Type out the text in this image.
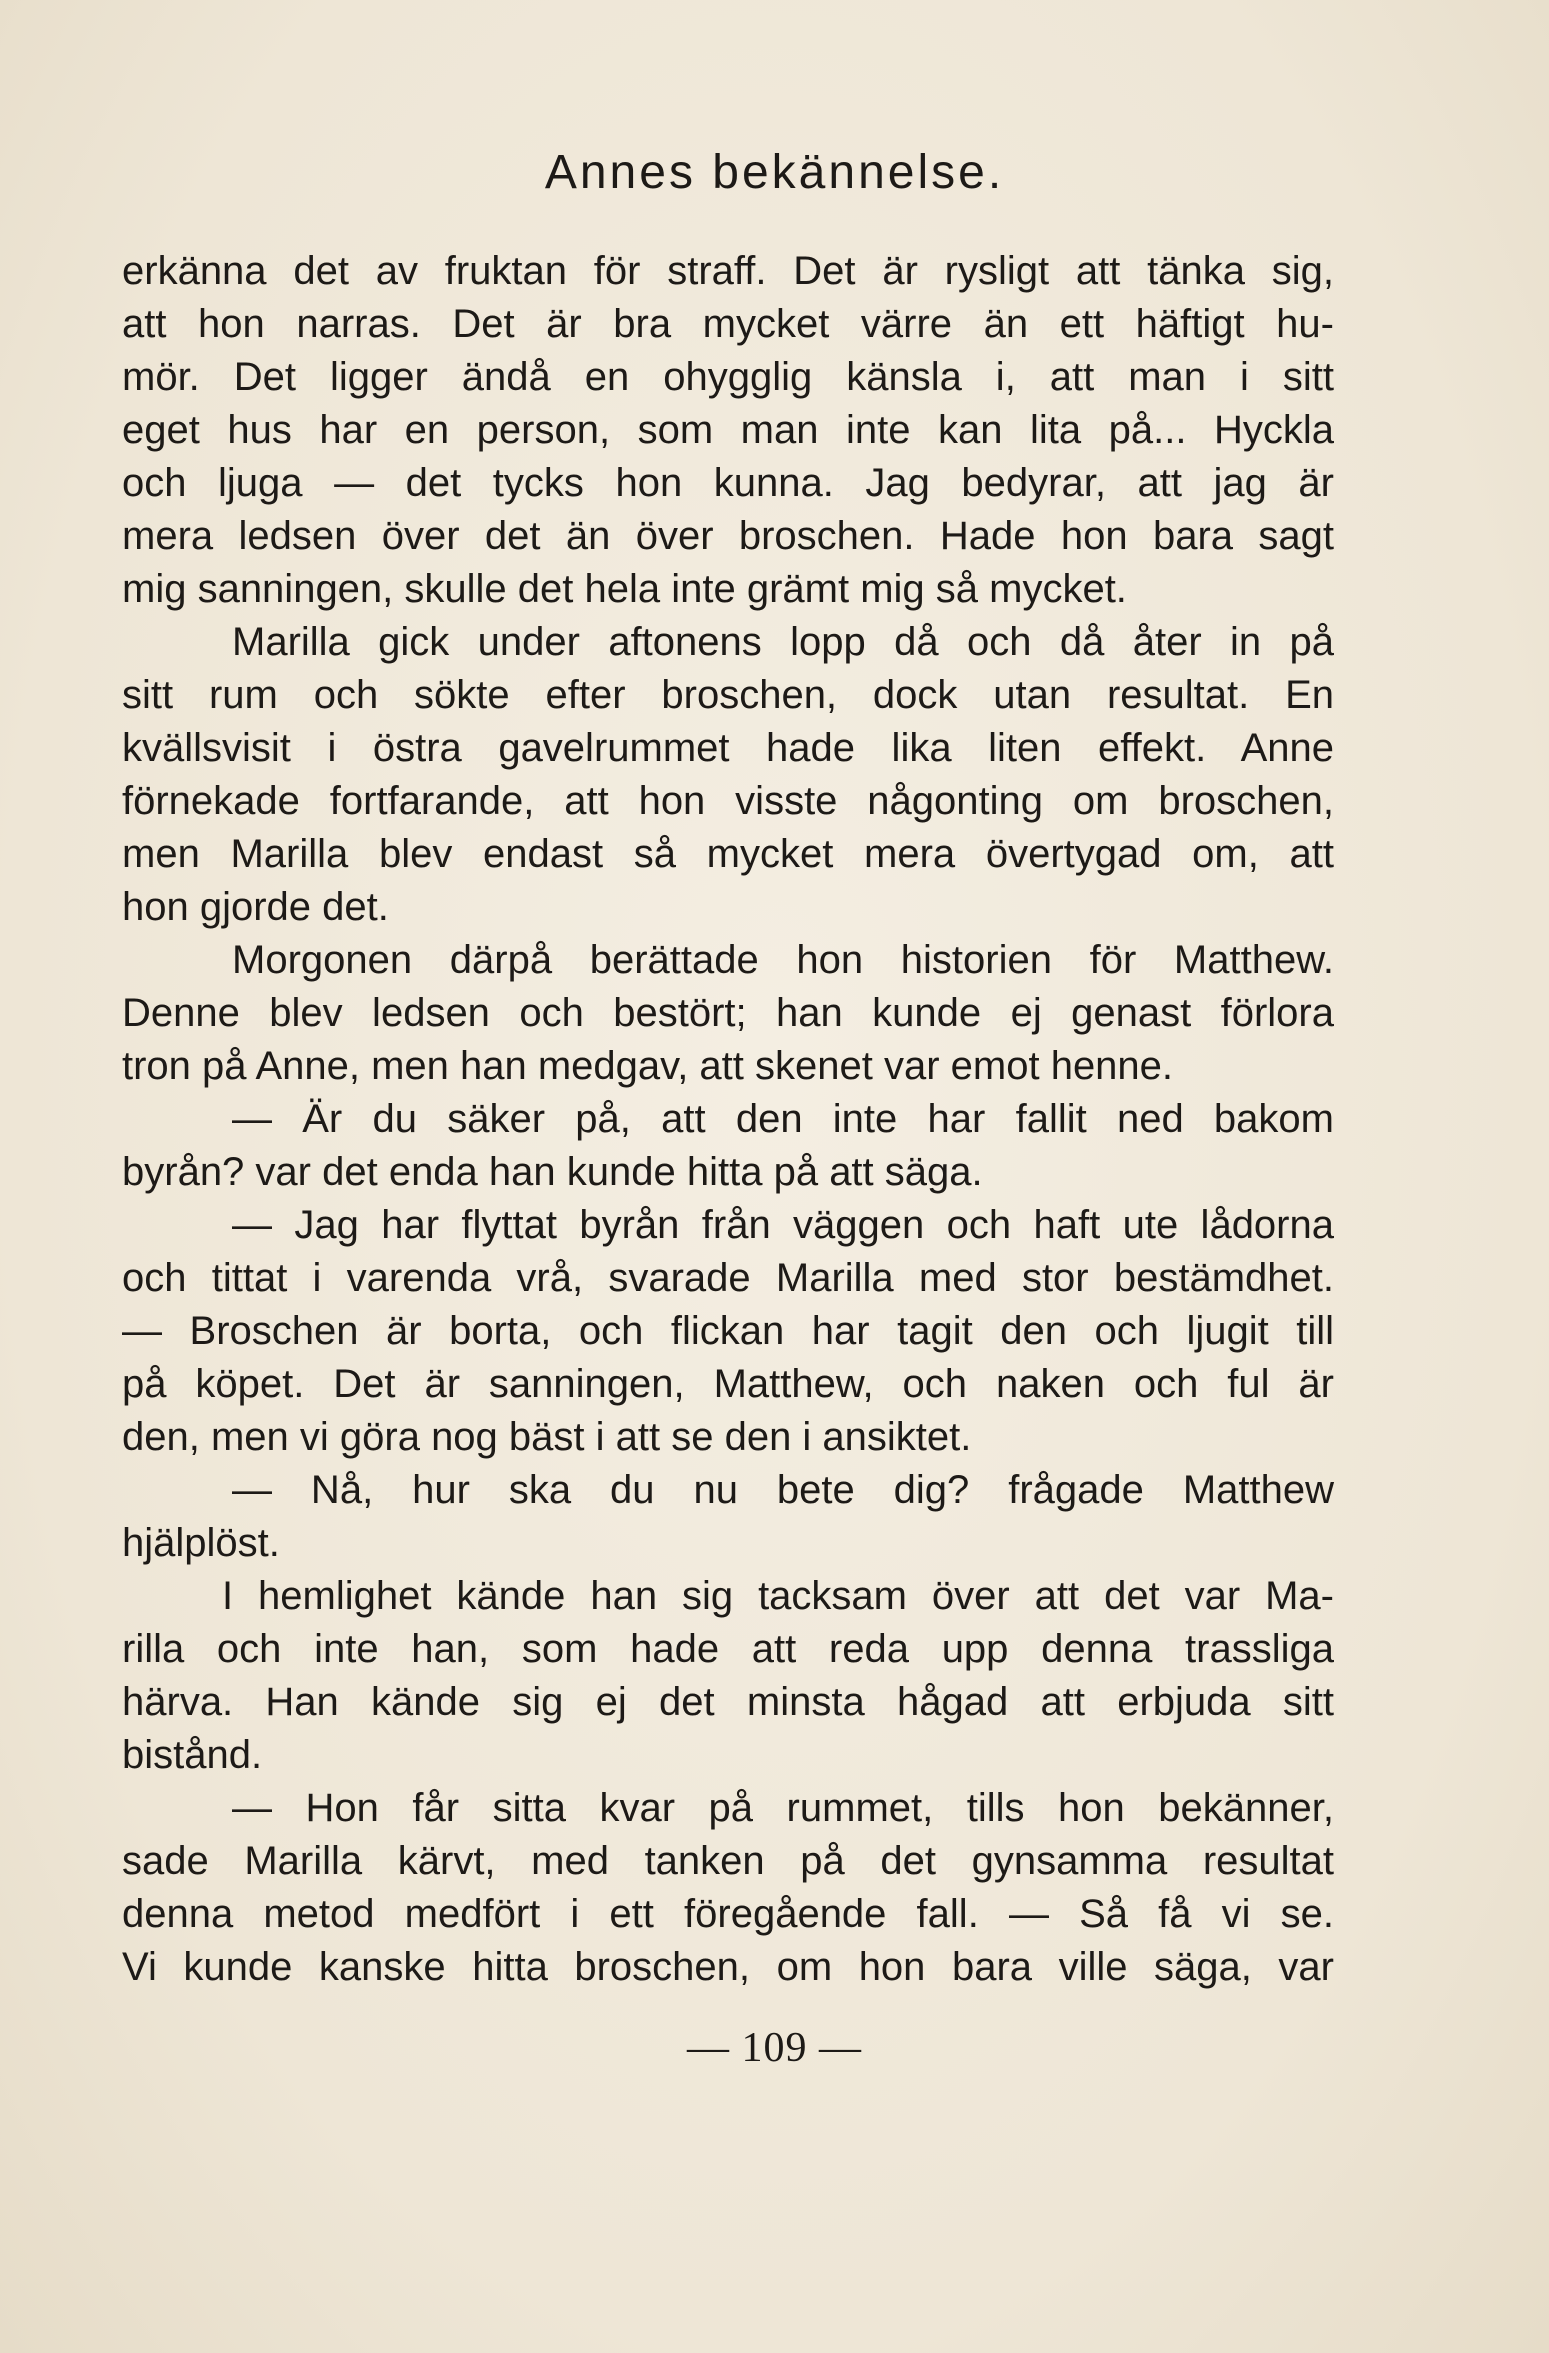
Annes bekännelse.
erkänna det av fruktan för straff. Det är rysligt att tänka sig,
att hon narras. Det är bra mycket värre än ett häftigt hu-
mör. Det ligger ändå en ohygglig känsla i, att man i sitt
eget hus har en person, som man inte kan lita på... Hyckla
och ljuga — det tycks hon kunna. Jag bedyrar, att jag är
mera ledsen över det än över broschen. Hade hon bara sagt
mig sanningen, skulle det hela inte grämt mig så mycket.
Marilla gick under aftonens lopp då och då åter in på
sitt rum och sökte efter broschen, dock utan resultat. En
kvällsvisit i östra gavelrummet hade lika liten effekt. Anne
förnekade fortfarande, att hon visste någonting om broschen,
men Marilla blev endast så mycket mera övertygad om, att
hon gjorde det.
Morgonen därpå berättade hon historien för Matthew.
Denne blev ledsen och bestört; han kunde ej genast förlora
tron på Anne, men han medgav, att skenet var emot henne.
— Är du säker på, att den inte har fallit ned bakom
byrån? var det enda han kunde hitta på att säga.
— Jag har flyttat byrån från väggen och haft ute lådorna
och tittat i varenda vrå, svarade Marilla med stor bestämdhet.
— Broschen är borta, och flickan har tagit den och ljugit till
på köpet. Det är sanningen, Matthew, och naken och ful är
den, men vi göra nog bäst i att se den i ansiktet.
— Nå, hur ska du nu bete dig? frågade Matthew
hjälplöst.
I hemlighet kände han sig tacksam över att det var Ma-
rilla och inte han, som hade att reda upp denna trassliga
härva. Han kände sig ej det minsta hågad att erbjuda sitt
bistånd.
— Hon får sitta kvar på rummet, tills hon bekänner,
sade Marilla kärvt, med tanken på det gynsamma resultat
denna metod medfört i ett föregående fall. — Så få vi se.
Vi kunde kanske hitta broschen, om hon bara ville säga, var
— 109 —
